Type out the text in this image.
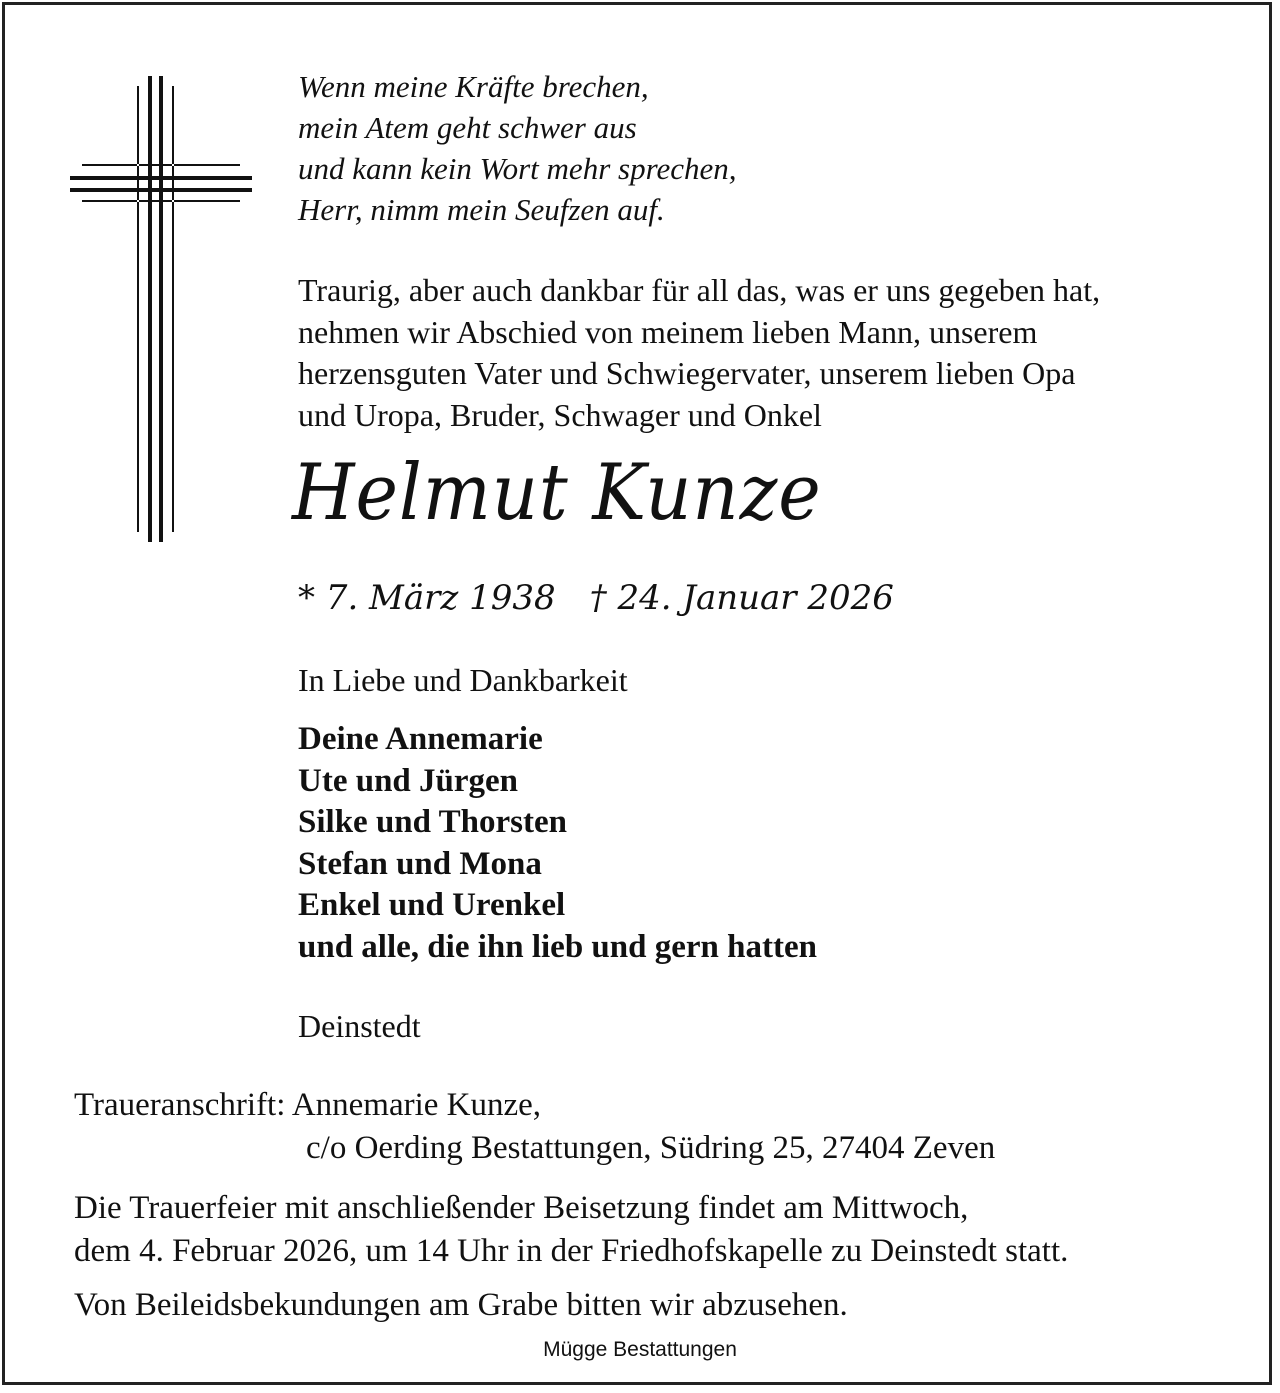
Wenn meine Kräfte brechen,
mein Atem geht schwer aus
und kann kein Wort mehr sprechen,
Herr, nimm mein Seufzen auf.
Traurig, aber auch dankbar für all das, was er uns gegeben hat,
nehmen wir Abschied von meinem lieben Mann, unserem
herzensguten Vater und Schwiegervater, unserem lieben Opa
und Uropa, Bruder, Schwager und Onkel
Helmut Kunze
* 7. März 1938 † 24. Januar 2026
In Liebe und Dankbarkeit
Deine Annemarie
Ute und Jürgen
Silke und Thorsten
Stefan und Mona
Enkel und Urenkel
und alle, die ihn lieb und gern hatten
Deinstedt
Traueranschrift: Annemarie Kunze,
c/o Oerding Bestattungen, Südring 25, 27404 Zeven
Die Trauerfeier mit anschließender Beisetzung findet am Mittwoch,
dem 4. Februar 2026, um 14 Uhr in der Friedhofskapelle zu Deinstedt statt.
Von Beileidsbekundungen am Grabe bitten wir abzusehen.
Mügge Bestattungen
